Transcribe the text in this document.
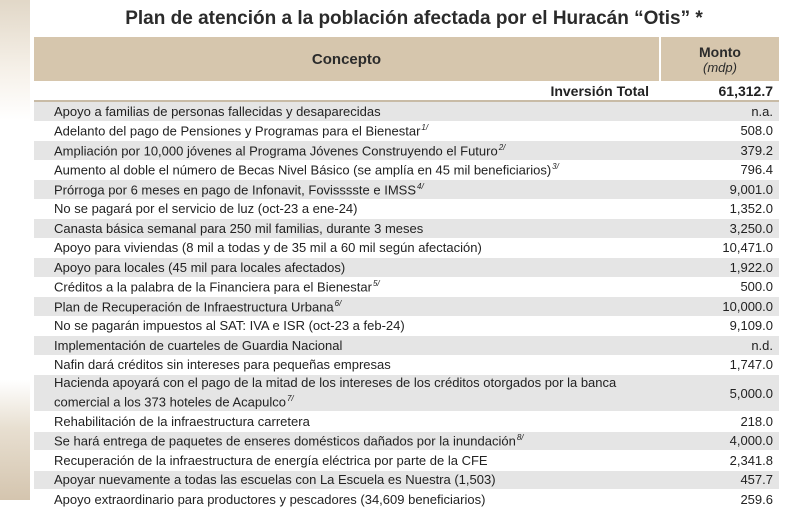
Plan de atención a la población afectada por el Huracán “Otis” *
Concepto	Monto
(mdp)
Inversión Total	61,312.7
Apoyo a familias de personas fallecidas y desaparecidas	n.a.
Adelanto del pago de Pensiones y Programas para el Bienestar$^{1/}$	508.0
Ampliación por 10,000 jóvenes al Programa Jóvenes Construyendo el Futuro$^{2/}$	379.2
Aumento al doble el número de Becas Nivel Básico (se amplía en 45 mil beneficiarios)$^{3/}$	796.4
Prórroga por 6 meses en pago de Infonavit, Fovisssste e $IMSS^{4/}$	9,001.0
No se pagará por el servicio de luz (oct-23 a ene-24)	1,352.0
Canasta básica semanal para 250 mil familias, durante 3 meses	3,250.0
Apoyo para viviendas (8 mil a todas y de 35 mil a 60 mil según afectación)	10,471.0
Apoyo para locales (45 mil para locales afectados)	1,922.0
Créditos a la palabra de la Financiera para el Bienestar$^{5/}$	500.0
Plan de Recuperación de Infraestructura Urbana$^{6/}$	10,000.0
No se pagarán impuestos al SAT: IVA e ISR (oct-23 a feb-24)	9,109.0
Implementación de cuarteles de Guardia Nacional	n.d.
Nafin dará créditos sin intereses para pequeñas empresas	1,747.0
Hacienda apoyará con el pago de la mitad de los intereses de los créditos otorgados por la banca comercial a los 373 hoteles de Acapulco$^{7/}$	5,000.0
Rehabilitación de la infraestructura carretera	218.0
Se hará entrega de paquetes de enseres domésticos dañados por la inundación$^{8/}$	4,000.0
Recuperación de la infraestructura de energía eléctrica por parte de la CFE	2,341.8
Apoyar nuevamente a todas las escuelas con La Escuela es Nuestra (1,503)	457.7
Apoyo extraordinario para productores y pescadores (34,609 beneficiarios)	259.6
